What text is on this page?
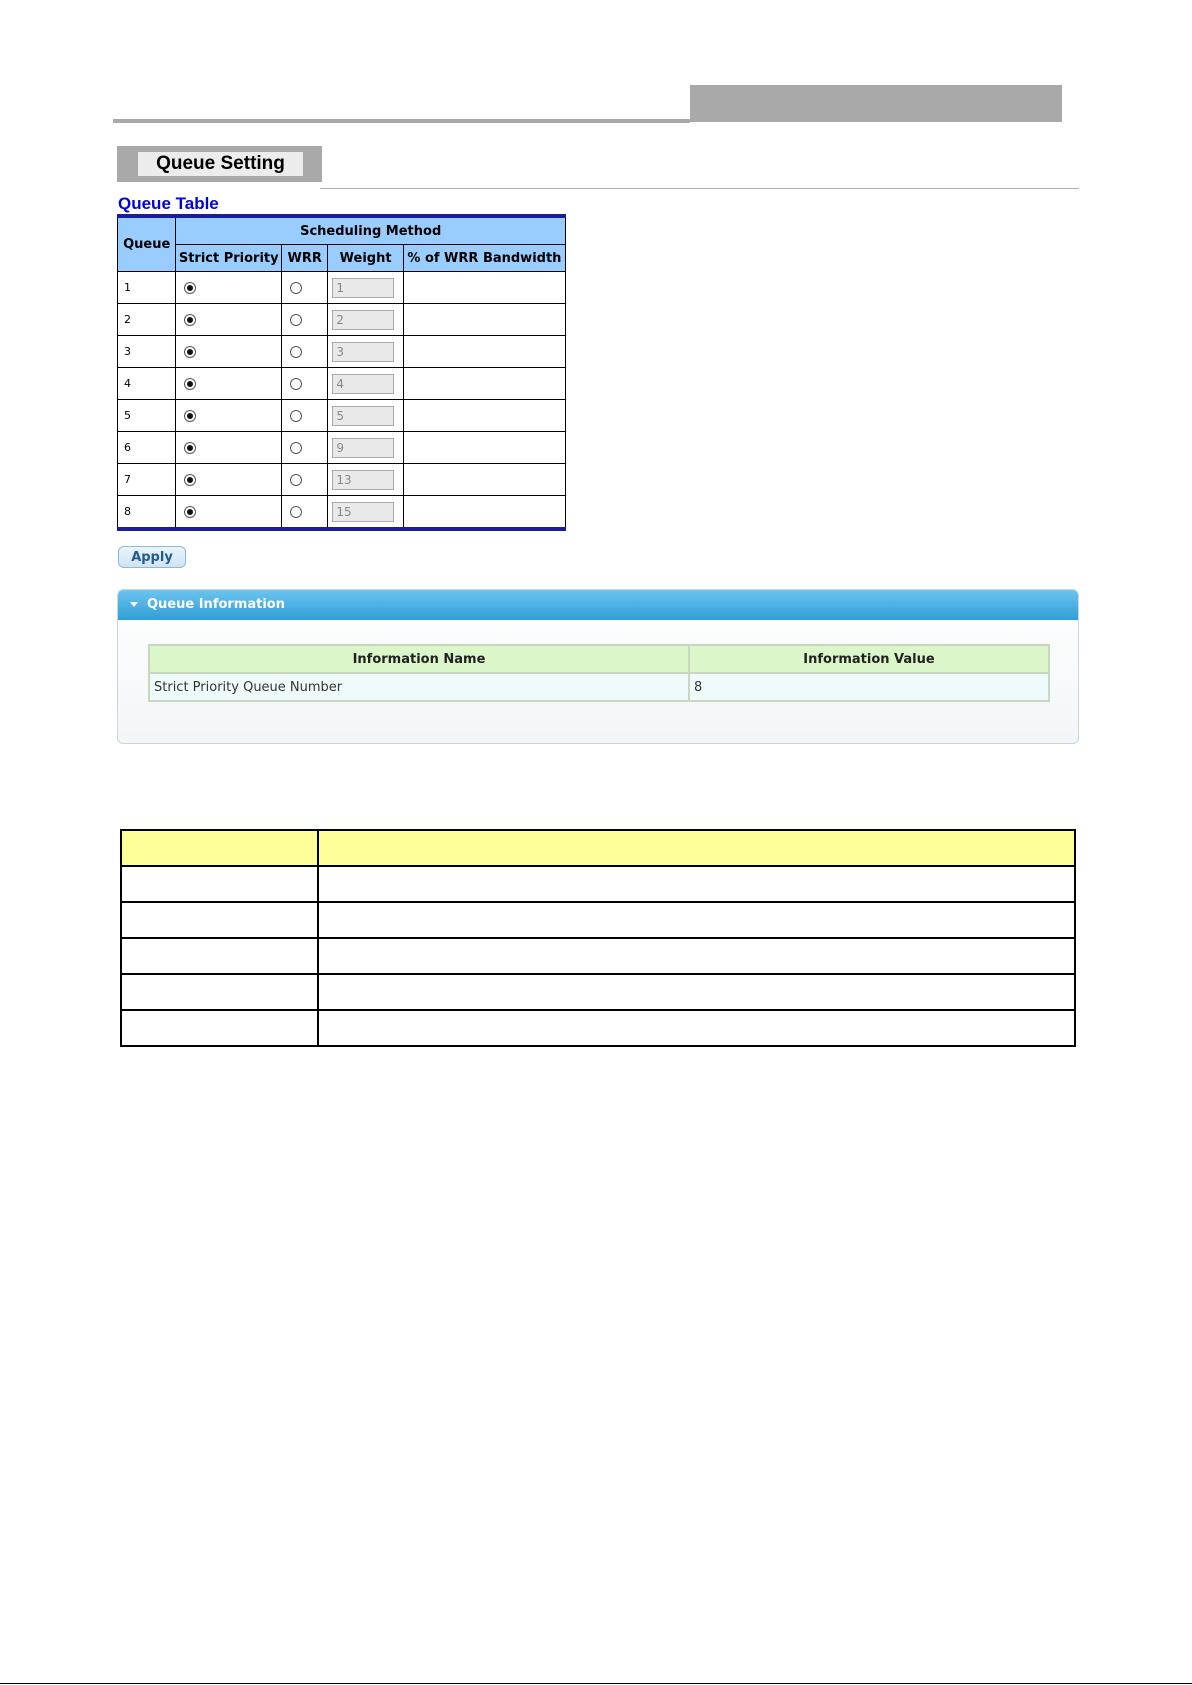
Queue Setting
Queue Table
Queue	Scheduling Method			
	Strict Priority	WRR	Weight	% of WRR Bandwidth
1			1	
2			2	
3			3	
4			4	
5			5	
6			9	
7			13	
8			15	
Apply
Queue Information
Information Name	Information Value
Strict Priority Queue Number	8
